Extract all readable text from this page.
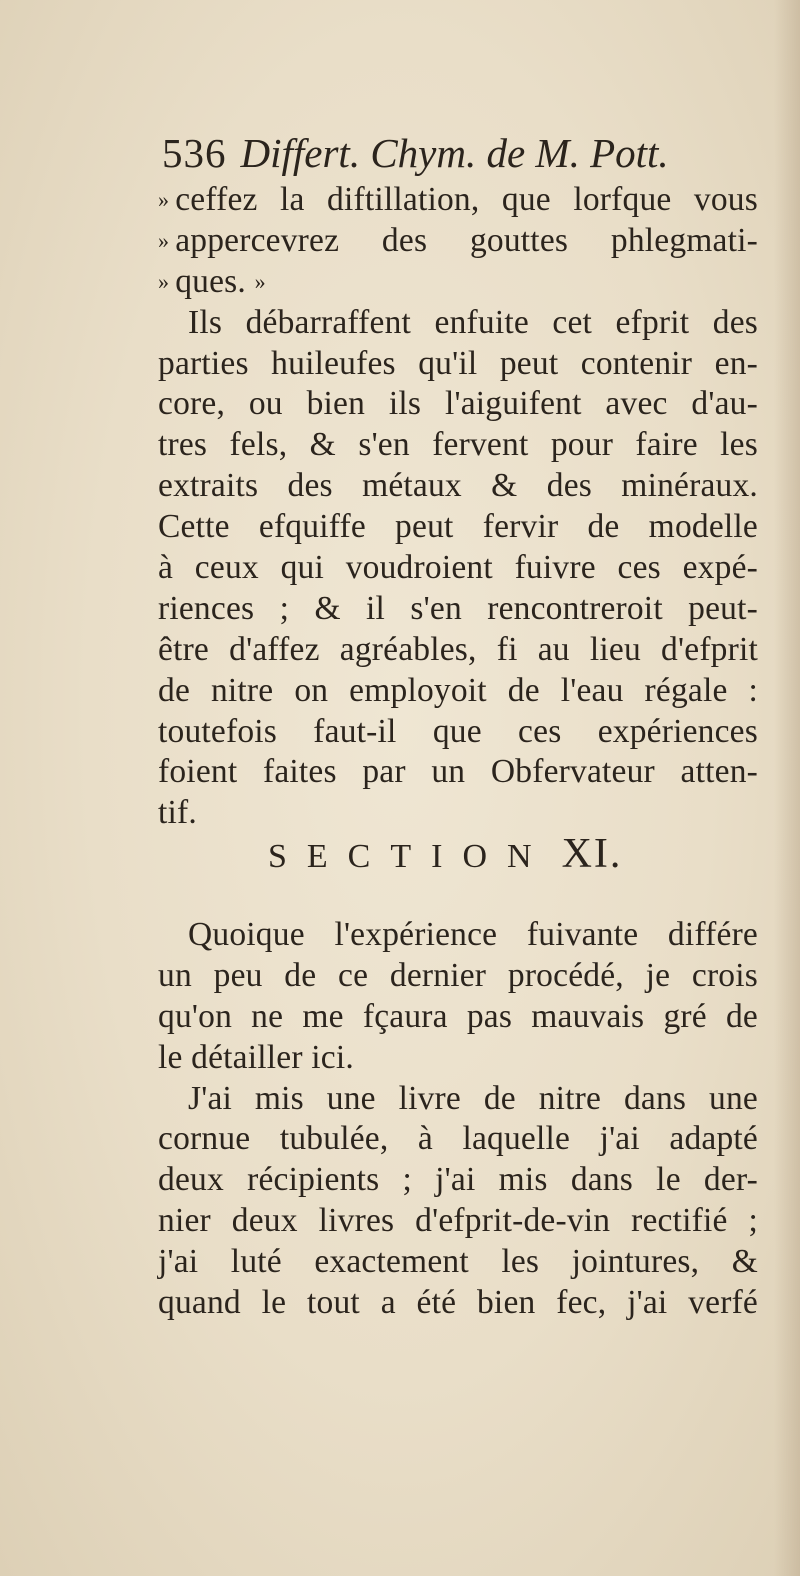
536 Differt. Chym. de M. Pott.
» ceffez la diftillation, que lorfque vous
» appercevrez des gouttes phlegmati-
» ques. »
Ils débarraffent enfuite cet efprit des
parties huileufes qu'il peut contenir en-
core, ou bien ils l'aiguifent avec d'au-
tres fels, & s'en fervent pour faire les
extraits des métaux & des minéraux.
Cette efquiffe peut fervir de modelle
à ceux qui voudroient fuivre ces expé-
riences ; & il s'en rencontreroit peut-
être d'affez agréables, fi au lieu d'efprit
de nitre on employoit de l'eau régale :
toutefois faut-il que ces expériences
foient faites par un Obfervateur atten-
tif.
SECTION XI.
Quoique l'expérience fuivante différe
un peu de ce dernier procédé, je crois
qu'on ne me fçaura pas mauvais gré de
le détailler ici.
J'ai mis une livre de nitre dans une
cornue tubulée, à laquelle j'ai adapté
deux récipients ; j'ai mis dans le der-
nier deux livres d'efprit-de-vin rectifié ;
j'ai luté exactement les jointures, &
quand le tout a été bien fec, j'ai verfé
